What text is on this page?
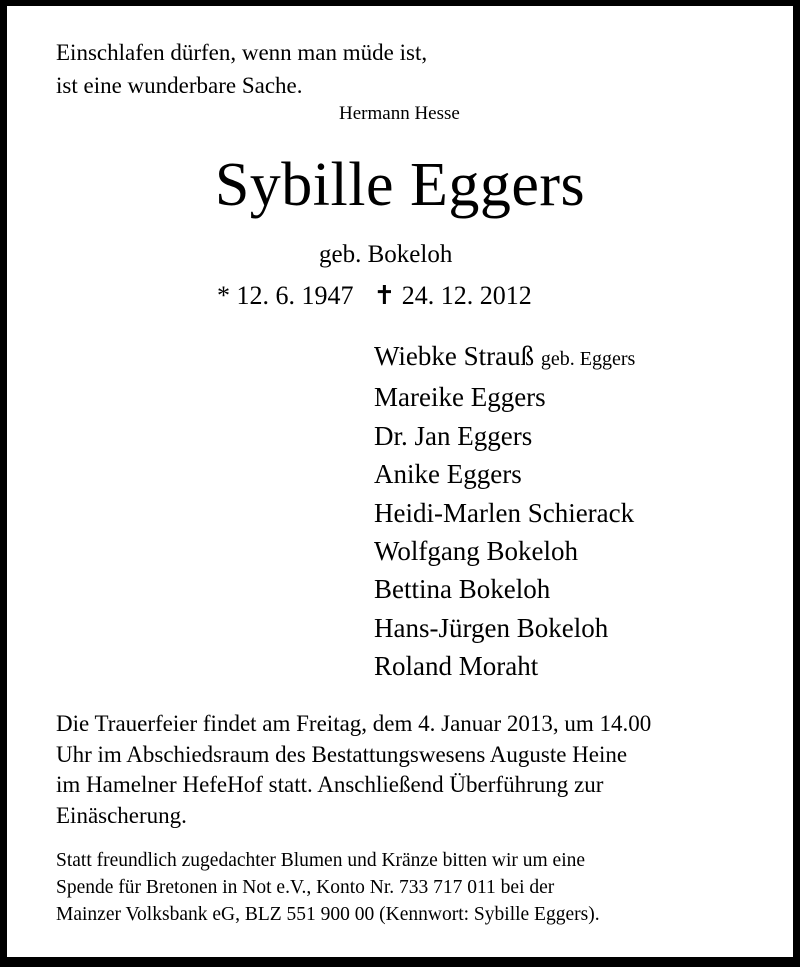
Einschlafen dürfen, wenn man müde ist,
ist eine wunderbare Sache.
Hermann Hesse
Sybille Eggers
geb. Bokeloh
* 12. 6. 1947 ✝ 24. 12. 2012
Wiebke Strauß geb. Eggers
Mareike Eggers
Dr. Jan Eggers
Anike Eggers
Heidi-Marlen Schierack
Wolfgang Bokeloh
Bettina Bokeloh
Hans-Jürgen Bokeloh
Roland Moraht
Die Trauerfeier findet am Freitag, dem 4. Januar 2013, um 14.00
Uhr im Abschiedsraum des Bestattungswesens Auguste Heine
im Hamelner HefeHof statt. Anschließend Überführung zur
Einäscherung.
Statt freundlich zugedachter Blumen und Kränze bitten wir um eine
Spende für Bretonen in Not e.V., Konto Nr. 733 717 011 bei der
Mainzer Volksbank eG, BLZ 551 900 00 (Kennwort: Sybille Eggers).
